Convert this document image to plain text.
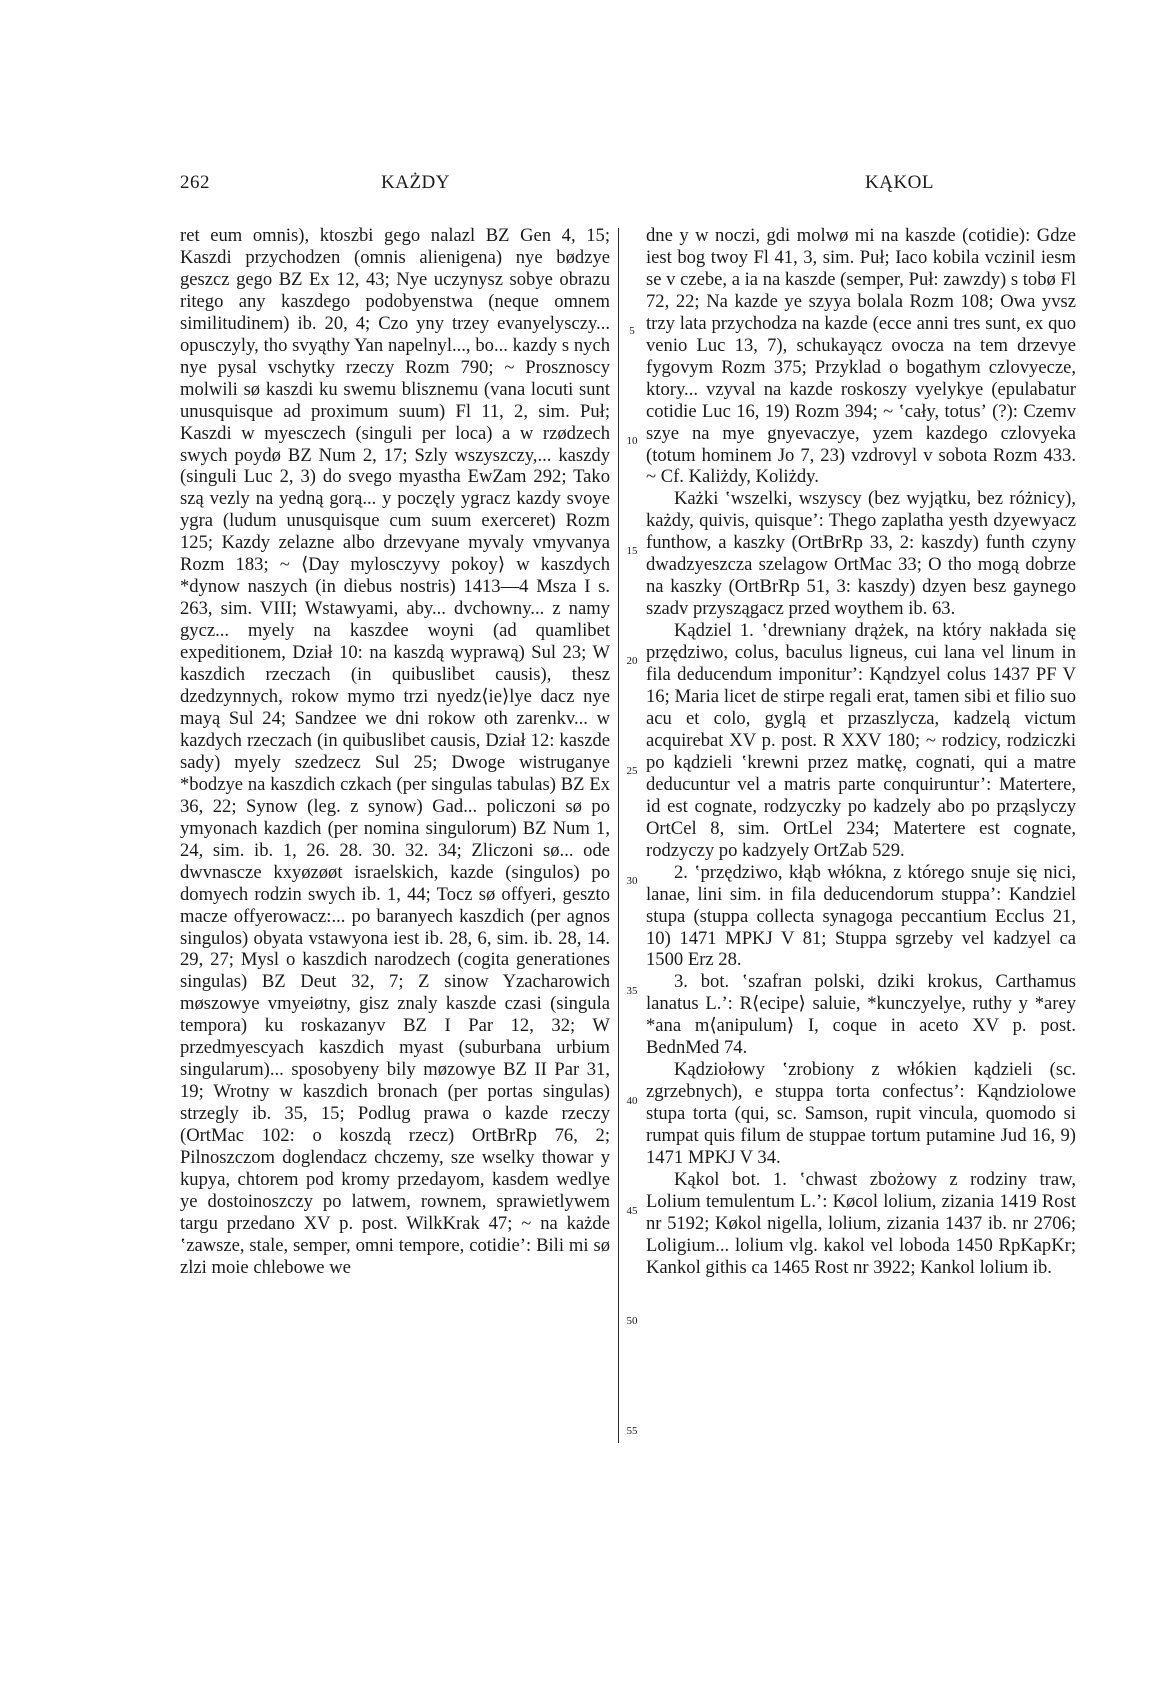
262	KAŻDY	KĄKOL

ret eum omnis), ktoszbi gego nalazl BZ Gen 4, 15; Kaszdi przychodzen (omnis alienigena) nye bødzye geszcz gego BZ Ex 12, 43; Nye uczynysz sobye obrazu ritego any kaszdego podobyenstwa (neque omnem similitudinem) ib. 20, 4; Czo yny trzey evanyelysczy... opusczyly, tho svyąthy Yan napelnyl..., bo... kazdy s nych nye pysal vschytky rzeczy Rozm 790; ~ Prosznoscy molwili sø kaszdi ku swemu blisznemu (vana locuti sunt unusquisque ad proximum suum) Fl 11, 2, sim. Puł; Kaszdi w myesczech (singuli per loca) a w rzødzech swych poydø BZ Num 2, 17; Szly wszyszczy,... kaszdy (singuli Luc 2, 3) do svego myastha EwZam 292; Tako szą vezly na yedną gorą... y poczęly ygracz kazdy svoye ygra (ludum unusquisque cum suum exerceret) Rozm 125; Kazdy zelazne albo drzevyane myvaly vmyvanya Rozm 183; ~ ⟨Day mylosczyvy pokoy⟩ w kaszdych *dynow naszych (in diebus nostris) 1413—4 Msza I s. 263, sim. VIII; Wstawyami, aby... dvchowny... z namy gycz... myely na kaszdee woyni (ad quamlibet expeditionem, Dział 10: na kaszdą wyprawą) Sul 23; W kaszdich rzeczach (in quibuslibet causis), thesz dzedzynnych, rokow mymo trzi nyedz⟨ie⟩lye dacz nye mayą Sul 24; Sandzee we dni rokow oth zarenkv... w kazdych rzeczach (in quibuslibet causis, Dział 12: kaszde sady) myely szedzecz Sul 25; Dwoge wistruganye *bodzye na kaszdich czkach (per singulas tabulas) BZ Ex 36, 22; Synow (leg. z synow) Gad... policzoni sø po ymyonach kazdich (per nomina singulorum) BZ Num 1, 24, sim. ib. 1, 26. 28. 30. 32. 34; Zliczoni sø... ode dwvnascze kxyøzøøt israelskich, kazde (singulos) po domyech rodzin swych ib. 1, 44; Tocz sø offyeri, geszto macze offyerowacz:... po baranyech kaszdich (per agnos singulos) obyata vstawyona iest ib. 28, 6, sim. ib. 28, 14. 29, 27; Mysl o kaszdich narodzech (cogita generationes singulas) BZ Deut 32, 7; Z sinow Yzacharowich møszowye vmyeiøtny, gisz znaly kaszde czasi (singula tempora) ku roskazanyv BZ I Par 12, 32; W przedmyescyach kaszdich myast (suburbana urbium singularum)... sposobyeny bily møzowye BZ II Par 31, 19; Wrotny w kaszdich bronach (per portas singulas) strzegly ib. 35, 15; Podlug prawa o kazde rzeczy (OrtMac 102: o koszdą rzecz) OrtBrRp 76, 2; Pilnoszczom doglendacz chczemy, sze wselky thowar y kupya, chtorem pod kromy przedayom, kasdem wedlye ye dostoinoszczy po latwem, rownem, sprawietlywem targu przedano XV p. post. WilkKrak 47; ~ na każde ʽzawsze, stale, semper, omni tempore, cotidieʼ: Bili mi sø zlzi moie chlebowe we

5
10
15
20
25
30
35
40
45
50
55

dne y w noczi, gdi molwø mi na kaszde (cotidie): Gdze iest bog twoy Fl 41, 3, sim. Puł; Iaco kobila vczinil iesm se v czebe, a ia na kaszde (semper, Puł: zawzdy) s tobø Fl 72, 22; Na kazde ye szyya bolala Rozm 108; Owa yvsz trzy lata przychodza na kazde (ecce anni tres sunt, ex quo venio Luc 13, 7), schukayącz ovocza na tem drzevye fygovym Rozm 375; Przyklad o bogathym czlovyecze, ktory... vzyval na kazde roskoszy vyelykye (epulabatur cotidie Luc 16, 19) Rozm 394; ~ ʽcały, totusʼ (?): Czemv szye na mye gnyevaczye, yzem kazdego czlovyeka (totum hominem Jo 7, 23) vzdrovyl v sobota Rozm 433. ~ Cf. Kaliżdy, Koliżdy.

Każki ʽwszelki, wszyscy (bez wyjątku, bez różnicy), każdy, quivis, quisqueʼ: Thego zaplatha yesth dzyewyacz funthow, a kaszky (OrtBrRp 33, 2: kaszdy) funth czyny dwadzyeszcza szelagow OrtMac 33; O tho mogą dobrze na kaszky (OrtBrRp 51, 3: kaszdy) dzyen besz gaynego szadv przyszągacz przed woythem ib. 63.

Kądziel 1. ʽdrewniany drążek, na który nakłada się przędziwo, colus, baculus ligneus, cui lana vel linum in fila deducendum imponiturʼ: Kąndzyel colus 1437 PF V 16; Maria licet de stirpe regali erat, tamen sibi et filio suo acu et colo, gyglą et przaszlycza, kadzelą victum acquirebat XV p. post. R XXV 180; ~ rodzicy, rodziczki po kądzieli ʽkrewni przez matkę, cognati, qui a matre deducuntur vel a matris parte conquiruntur’: Matertere, id est cognate, rodzyczky po kadzely abo po prząslyczy OrtCel 8, sim. OrtLel 234; Matertere est cognate, rodzyczy po kadzyely OrtZab 529.

2. ʽprzędziwo, kłąb włókna, z którego snuje się nici, lanae, lini sim. in fila deducendorum stuppaʼ: Kandziel stupa (stuppa collecta synagoga peccantium Ecclus 21, 10) 1471 MPKJ V 81; Stuppa sgrzeby vel kadzyel ca 1500 Erz 28.

3. bot. ʽszafran polski, dziki krokus, Carthamus lanatus L.ʼ: R⟨ecipe⟩ saluie, *kunczyelye, ruthy y *arey *ana m⟨anipulum⟩ I, coque in aceto XV p. post. BednMed 74.

Kądziołowy ʽzrobiony z włókien kądzieli (sc. zgrzebnych), e stuppa torta confectusʼ: Kąndziolowe stupa torta (qui, sc. Samson, rupit vincula, quomodo si rumpat quis filum de stuppae tortum putamine Jud 16, 9) 1471 MPKJ V 34.

Kąkol bot. 1. ʽchwast zbożowy z rodziny traw, Lolium temulentum L.ʼ: Køcol lolium, zizania 1419 Rost nr 5192; Køkol nigella, lolium, zizania 1437 ib. nr 2706; Loligium... lolium vlg. kakol vel loboda 1450 RpKapKr; Kankol githis ca 1465 Rost nr 3922; Kankol lolium ib.
